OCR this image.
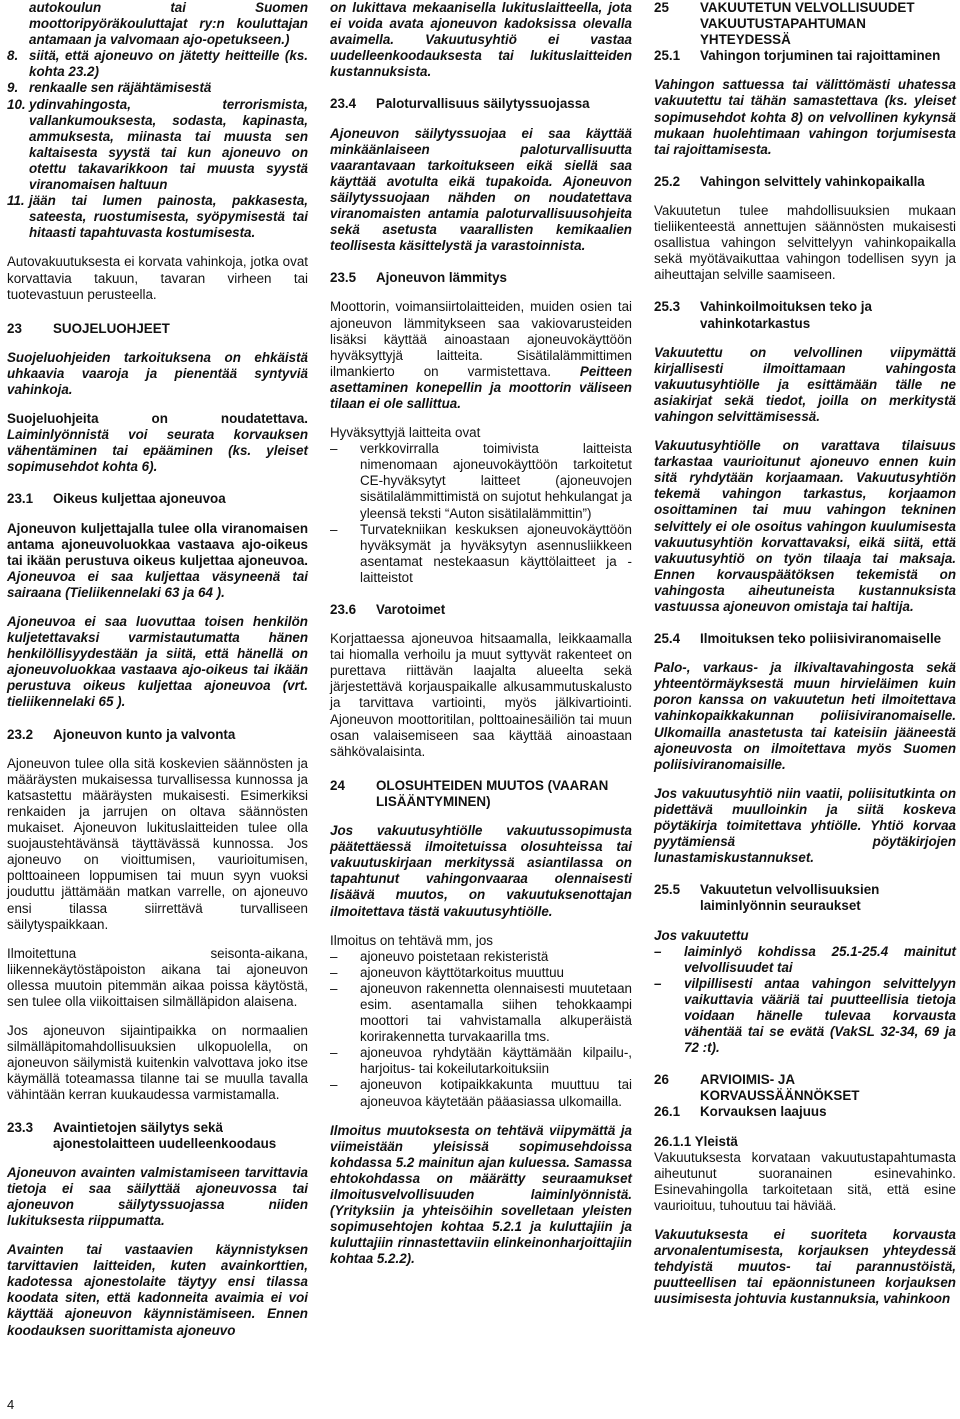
autokoulun tai Suomen moottoripyöräkouluttajat ry:n kouluttajan antamaan ja valvomaan ajo-opetukseen.)

8. siitä, että ajoneuvo on jätetty heitteille (ks. kohta 23.2)
9. renkaalle sen räjähtämisestä
10. ydinvahingosta, terrorismista, vallankumouksesta, sodasta, kapinasta, ammuksesta, miinasta tai muusta sen kaltaisesta syystä tai kun ajoneuvo on otettu takavarikkoon tai muusta syystä viranomaisen haltuun
11. jään tai lumen painosta, pakkasesta, sateesta, ruostumisesta, syöpymisestä tai hitaasti tapahtuvasta kostumisesta.

Autovakuutuksesta ei korvata vahinkoja, jotka ovat korvattavia takuun, tavaran virheen tai tuotevastuun perusteella.

23	SUOJELUOHJEET

Suojeluohjeiden tarkoituksena on ehkäistä uhkaavia vaaroja ja pienentää syntyviä vahinkoja.

Suojeluohjeita on noudatettava. Laiminlyönnistä voi seurata korvauksen vähentäminen tai epääminen (ks. yleiset sopimusehdot kohta 6).

23.1	Oikeus kuljettaa ajoneuvoa

Ajoneuvon kuljettajalla tulee olla viranomaisen antama ajoneuvoluokkaa vastaava ajo-oikeus tai ikään perustuva oikeus kuljettaa ajoneuvoa. Ajoneuvoa ei saa kuljettaa väsyneenä tai sairaana (Tieliikennelaki 63 ja 64 ).

Ajoneuvoa ei saa luovuttaa toisen henkilön kuljetettavaksi varmistautumatta hänen henkilöllisyydestään ja siitä, että hänellä on ajoneuvoluokkaa vastaava ajo-oikeus tai ikään perustuva oikeus kuljettaa ajoneuvoa (vrt. tieliikennelaki 65 ).

23.2	Ajoneuvon kunto ja valvonta

Ajoneuvon tulee olla sitä koskevien säännösten ja määräysten mukaisessa turvallisessa kunnossa ja katsastettu määräysten mukaisesti. Esimerkiksi renkaiden ja jarrujen on oltava säännösten mukaiset. Ajoneuvon lukituslaitteiden tulee olla suojaustehtävänsä täyttävässä kunnossa. Jos ajoneuvo on vioittumisen, vaurioitumisen, polttoaineen loppumisen tai muun syyn vuoksi jouduttu jättämään matkan varrelle, on ajoneuvo ensi tilassa siirrettävä turvalliseen säilytyspaikkaan.

Ilmoitettuna seisonta-aikana, liikennekäytöstäpoiston aikana tai ajoneuvon ollessa muutoin pitemmän aikaa poissa käytöstä, sen tulee olla viikoittaisen silmälläpidon alaisena.

Jos ajoneuvon sijaintipaikka on normaalien silmälläpitomahdollisuuksien ulkopuolella, on ajoneuvon säilymistä kuitenkin valvottava joko itse käymällä toteamassa tilanne tai se muulla tavalla vähintään kerran kuukaudessa varmistamalla.

23.3	Avaintietojen säilytys sekä ajonestolaitteen uudelleenkoodaus

Ajoneuvon avainten valmistamiseen tarvittavia tietoja ei saa säilyttää ajoneuvossa tai ajoneuvon säilytyssuojassa niiden lukituksesta riippumatta.

Avainten tai vastaavien käynnistyksen tarvittavien laitteiden, kuten avainkorttien, kadotessa ajonestolaite täytyy ensi tilassa koodata siten, että kadonneita avaimia ei voi käyttää ajoneuvon käynnistämiseen. Ennen koodauksen suorittamista ajoneuvo

on lukittava mekaanisella lukituslaitteella, jota ei voida avata ajoneuvon kadoksissa olevalla avaimella. Vakuutusyhtiö ei vastaa uudelleenkoodauksesta tai lukituslaitteiden kustannuksista.

23.4	Paloturvallisuus säilytyssuojassa

Ajoneuvon säilytyssuojaa ei saa käyttää minkäänlaiseen paloturvallisuutta vaarantavaan tarkoitukseen eikä siellä saa käyttää avotulta eikä tupakoida. Ajoneuvon säilytyssuojaan nähden on noudatettava viranomaisten antamia paloturvallisuusohjeita sekä asetusta vaarallisten kemikaalien teollisesta käsittelystä ja varastoinnista.

23.5	Ajoneuvon lämmitys

Moottorin, voimansiirtolaitteiden, muiden osien tai ajoneuvon lämmitykseen saa vakiovarusteiden lisäksi käyttää ainoastaan ajoneuvokäyttöön hyväksyttyjä laitteita. Sisätilalämmittimen ilmankierto on varmistettava. Peitteen asettaminen konepellin ja moottorin väliseen tilaan ei ole sallittua.

Hyväksyttyjä laitteita ovat

–	verkkovirralla toimivista laitteista nimenomaan ajoneuvokäyttöön tarkoitetut CE-hyväksytyt laitteet (ajoneuvojen sisätilalämmittimistä on sujotut hehkulangat ja yleensä teksti “Auton sisätilalämmittin”)
–	Turvatekniikan keskuksen ajoneuvokäyttöön hyväksymät ja hyväksytyn asennusliikkeen asentamat nestekaasun käyttölaitteet ja -laitteistot
23.6	Varotoimet

Korjattaessa ajoneuvoa hitsaamalla, leikkaamalla tai hiomalla verhoilu ja muut syttyvät rakenteet on purettava riittävän laajalta alueelta sekä järjestettävä korjauspaikalle alkusammutuskalusto ja tarvittava vartiointi, myös jälkivartiointi. Ajoneuvon moottoritilan, polttoainesäiliön tai muun osan valaisemiseen saa käyttää ainoastaan sähkövalaisinta.

24	OLOSUHTEIDEN MUUTOS (VAARAN LISÄÄNTYMINEN)

Jos vakuutusyhtiölle vakuutussopimusta päätettäessä ilmoitetuissa olosuhteissa tai vakuutuskirjaan merkityssä asiantilassa on tapahtunut vahingonvaaraa olennaisesti lisäävä muutos, on vakuutuksenottajan ilmoitettava tästä vakuutusyhtiölle.

Ilmoitus on tehtävä mm, jos

–	ajoneuvo poistetaan rekisteristä
–	ajoneuvon käyttötarkoitus muuttuu
–	ajoneuvon rakennetta olennaisesti muutetaan esim. asentamalla siihen tehokkaampi moottori tai vahvistamalla alkuperäistä korirakennetta turvakaarilla tms.
–	ajoneuvoa ryhdytään käyttämään kilpailu-, harjoitus- tai kokeilutarkoituksiin
–	ajoneuvon kotipaikkakunta muuttuu tai ajoneuvoa käytetään pääasiassa ulkomailla.

Ilmoitus muutoksesta on tehtävä viipymättä ja viimeistään yleisissä sopimusehdoissa kohdassa 5.2 mainitun ajan kuluessa. Samassa ehtokohdassa on määrätty seuraamukset ilmoitusvelvollisuuden laiminlyönnistä. (Yrityksiin ja yhteisöihin sovelletaan yleisten sopimusehtojen kohtaa 5.2.1 ja kuluttajiin ja kuluttajiin rinnastettaviin elinkeinonharjoittajiin kohtaa 5.2.2).

25	VAKUUTETUN VELVOLLISUUDET VAKUUTUSTAPAHTUMAN YHTEYDESSÄ
25.1	Vahingon torjuminen tai rajoittaminen

Vahingon sattuessa tai välittömästi uhatessa vakuutettu tai tähän samastettava (ks. yleiset sopimusehdot kohta 8) on velvollinen kykynsä mukaan huolehtimaan vahingon torjumisesta tai rajoittamisesta.

25.2	Vahingon selvittely vahinkopaikalla

Vakuutetun tulee mahdollisuuksien mukaan tieliikenteestä annettujen säännösten mukaisesti osallistua vahingon selvittelyyn vahinkopaikalla sekä myötävaikuttaa vahingon todellisen syyn ja aiheuttajan selville saamiseen.

25.3	Vahinkoilmoituksen teko ja vahinkotarkastus

Vakuutettu on velvollinen viipymättä kirjallisesti ilmoittamaan vahingosta vakuutusyhtiölle ja esittämään tälle ne asiakirjat sekä tiedot, joilla on merkitystä vahingon selvittämisessä.

Vakuutusyhtiölle on varattava tilaisuus tarkastaa vaurioitunut ajoneuvo ennen kuin sitä ryhdytään korjaamaan. Vakuutusyhtiön tekemä vahingon tarkastus, korjaamon osoittaminen tai muu vahingon tekninen selvittely ei ole osoitus vahingon kuulumisesta vakuutusyhtiön korvattavaksi, eikä siitä, että vakuutusyhtiö on työn tilaaja tai maksaja. Ennen korvauspäätöksen tekemistä on vahingosta aiheutuneista kustannuksista vastuussa ajoneuvon omistaja tai haltija.

25.4	Ilmoituksen teko poliisiviranomaiselle

Palo-, varkaus- ja ilkivaltavahingosta sekä yhteentörmäyksestä muun hirvieläimen kuin poron kanssa on vakuutetun heti ilmoitettava vahinkopaikkakunnan poliisiviranomaiselle. Ulkomailla anastetusta tai kateisiin jääneestä ajoneuvosta on ilmoitettava myös Suomen poliisiviranomaisille.

Jos vakuutusyhtiö niin vaatii, poliisitutkinta on pidettävä muulloinkin ja siitä koskeva pöytäkirja toimitettava yhtiölle. Yhtiö korvaa pyytämiensä pöytäkirjojen lunastamiskustannukset.

25.5	Vakuutetun velvollisuuksien laiminlyönnin seuraukset

Jos vakuutettu

–	laiminlyö kohdissa 25.1-25.4 mainitut velvollisuudet tai
–	vilpillisesti antaa vahingon selvittelyyn vaikuttavia vääriä tai puutteellisia tietoja voidaan hänelle tulevaa korvausta vähentää tai se evätä (VakSL 32-34, 69 ja 72 :t).
26	ARVIOIMIS- JA KORVAUSSÄÄNNÖKSET
26.1	Korvauksen laajuus

26.1.1 Yleistä

Vakuutuksesta korvataan vakuutustapahtumasta aiheutunut suoranainen esinevahinko. Esinevahingolla tarkoitetaan sitä, että esine vaurioituu, tuhoutuu tai häviää.

Vakuutuksesta ei suoriteta korvausta arvonalentumisesta, korjauksen yhteydessä tehdyistä muutos- tai parannustöistä, puutteellisen tai epäonnistuneen korjauksen uusimisesta johtuvia kustannuksia, vahinkoon

4
